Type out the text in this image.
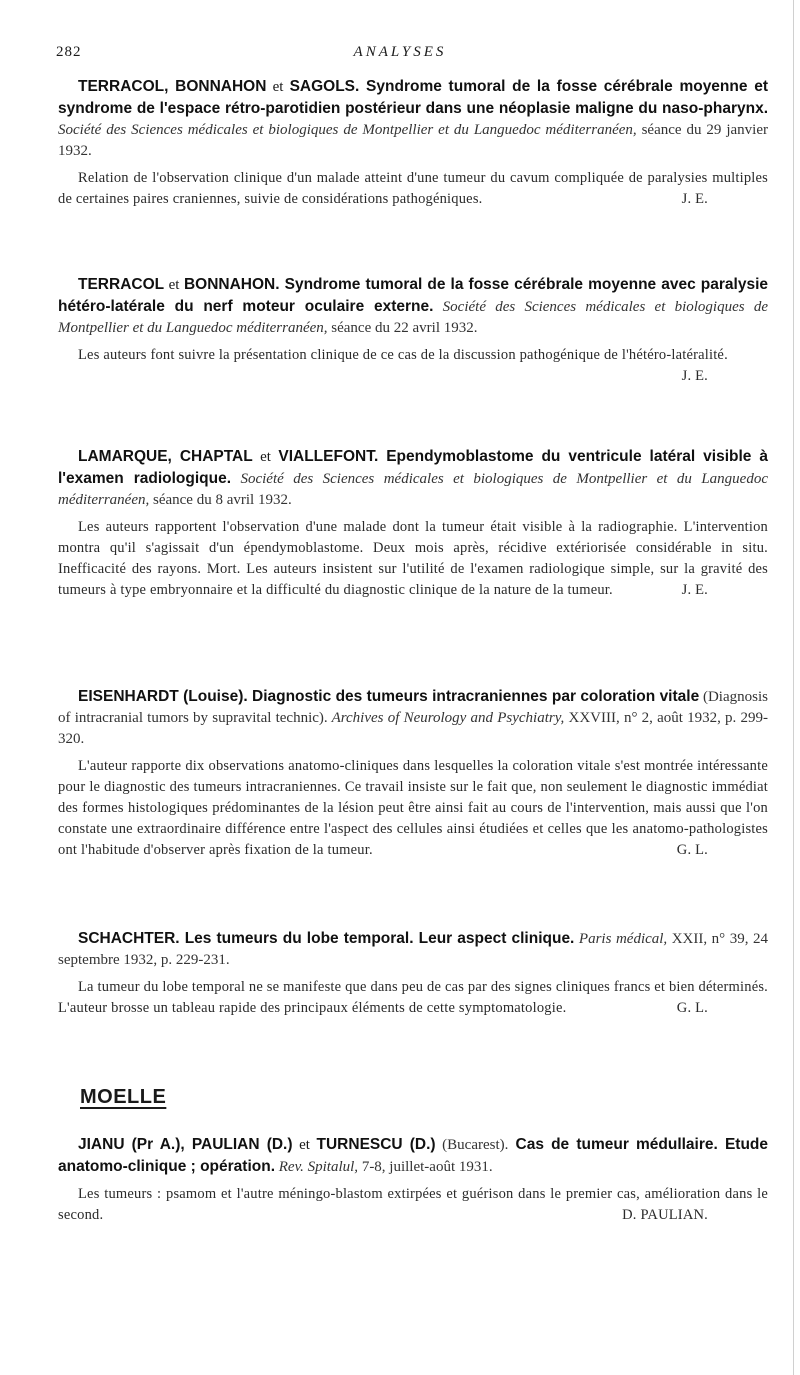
282	ANALYSES

TERRACOL, BONNAHON et SAGOLS. Syndrome tumoral de la fosse cérébrale moyenne et syndrome de l'espace rétro-parotidien postérieur dans une néoplasie maligne du naso-pharynx. Société des Sciences médicales et biologiques de Montpellier et du Languedoc méditerranéen, séance du 29 janvier 1932.

Relation de l'observation clinique d'un malade atteint d'une tumeur du cavum compliquée de paralysies multiples de certaines paires craniennes, suivie de considérations pathogéniques.	J. E.

TERRACOL et BONNAHON. Syndrome tumoral de la fosse cérébrale moyenne avec paralysie hétéro-latérale du nerf moteur oculaire externe. Société des Sciences médicales et biologiques de Montpellier et du Languedoc méditerranéen, séance du 22 avril 1932.

Les auteurs font suivre la présentation clinique de ce cas de la discussion pathogénique de l'hétéro-latéralité.
J. E.

LAMARQUE, CHAPTAL et VIALLEFONT. Ependymoblastome du ventricule latéral visible à l'examen radiologique. Société des Sciences médicales et biologiques de Montpellier et du Languedoc méditerranéen, séance du 8 avril 1932.

Les auteurs rapportent l'observation d'une malade dont la tumeur était visible à la radiographie. L'intervention montra qu'il s'agissait d'un épendymoblastome. Deux mois après, récidive extériorisée considérable in situ. Inefficacité des rayons. Mort. Les auteurs insistent sur l'utilité de l'examen radiologique simple, sur la gravité des tumeurs à type embryonnaire et la difficulté du diagnostic clinique de la nature de la tumeur.	J. E.

EISENHARDT (Louise). Diagnostic des tumeurs intracraniennes par coloration vitale (Diagnosis of intracranial tumors by supravital technic). Archives of Neurology and Psychiatry, XXVIII, n° 2, août 1932, p. 299-320.

L'auteur rapporte dix observations anatomo-cliniques dans lesquelles la coloration vitale s'est montrée intéressante pour le diagnostic des tumeurs intracraniennes. Ce travail insiste sur le fait que, non seulement le diagnostic immédiat des formes histologiques prédominantes de la lésion peut être ainsi fait au cours de l'intervention, mais aussi que l'on constate une extraordinaire différence entre l'aspect des cellules ainsi étudiées et celles que les anatomo-pathologistes ont l'habitude d'observer après fixation de la tumeur.	G. L.

SCHACHTER. Les tumeurs du lobe temporal. Leur aspect clinique. Paris médical, XXII, n° 39, 24 septembre 1932, p. 229-231.

La tumeur du lobe temporal ne se manifeste que dans peu de cas par des signes cliniques francs et bien déterminés. L'auteur brosse un tableau rapide des principaux éléments de cette symptomatologie.	G. L.

MOELLE

JIANU (Pr A.), PAULIAN (D.) et TURNESCU (D.) (Bucarest). Cas de tumeur médullaire. Etude anatomo-clinique ; opération. Rev. Spitalul, 7-8, juillet-août 1931.

Les tumeurs : psamom et l'autre méningo-blastom extirpées et guérison dans le premier cas, amélioration dans le second.	D. PAULIAN.
